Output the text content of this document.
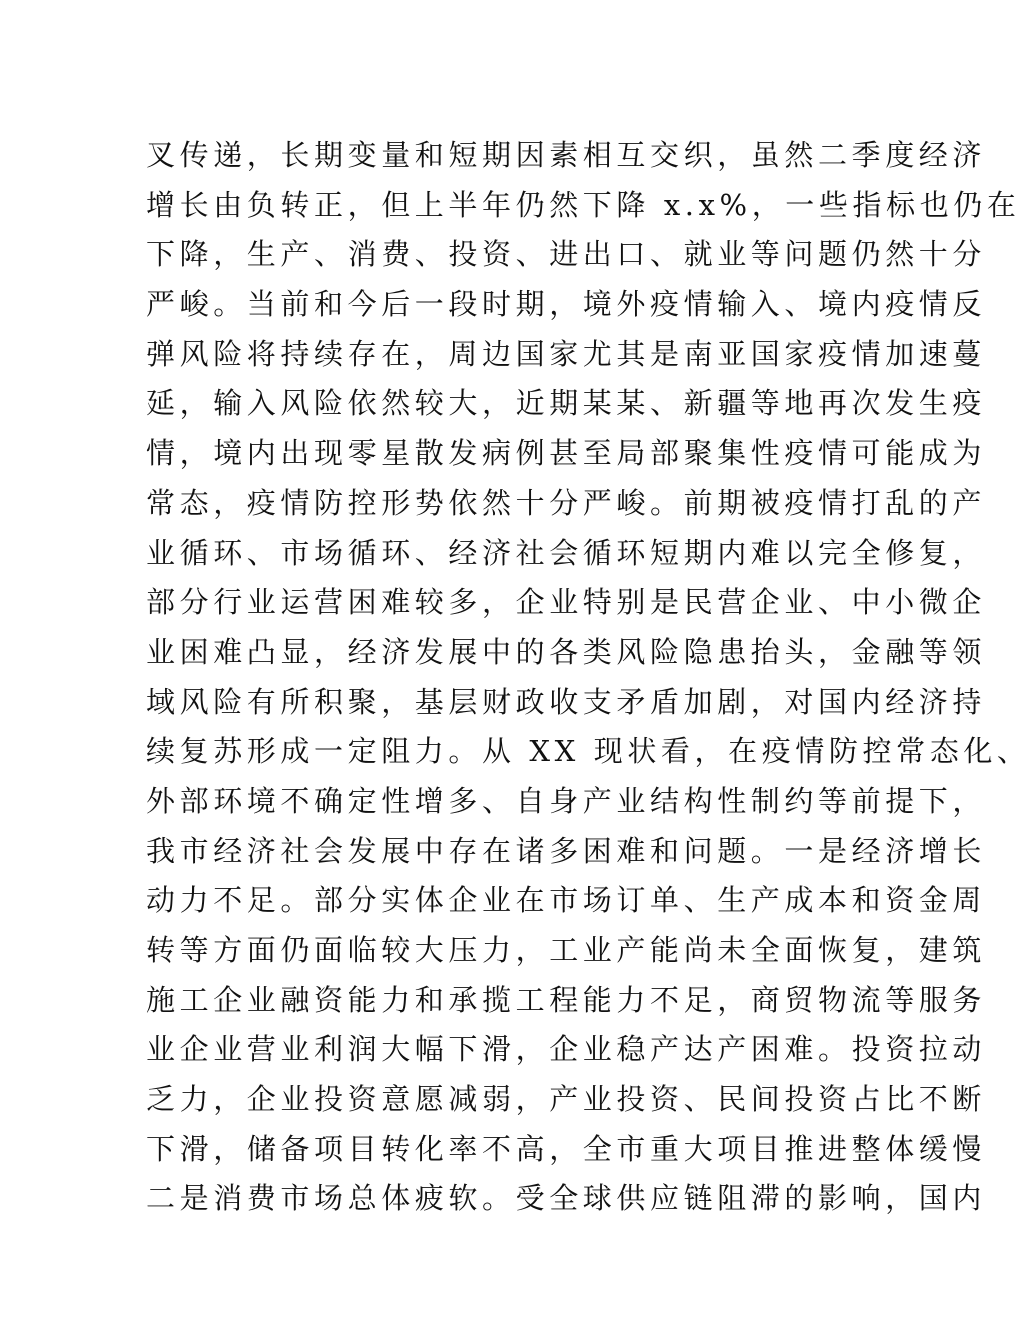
叉传递，长期变量和短期因素相互交织，虽然二季度经济
增长由负转正，但上半年仍然下降 x.x%，一些指标也仍在
下降，生产、消费、投资、进出口、就业等问题仍然十分
严峻。当前和今后一段时期，境外疫情输入、境内疫情反
弹风险将持续存在，周边国家尤其是南亚国家疫情加速蔓
延，输入风险依然较大，近期某某、新疆等地再次发生疫
情，境内出现零星散发病例甚至局部聚集性疫情可能成为
常态，疫情防控形势依然十分严峻。前期被疫情打乱的产
业循环、市场循环、经济社会循环短期内难以完全修复，
部分行业运营困难较多，企业特别是民营企业、中小微企
业困难凸显，经济发展中的各类风险隐患抬头，金融等领
域风险有所积聚，基层财政收支矛盾加剧，对国内经济持
续复苏形成一定阻力。从 XX 现状看，在疫情防控常态化、
外部环境不确定性增多、自身产业结构性制约等前提下，
我市经济社会发展中存在诸多困难和问题。一是经济增长
动力不足。部分实体企业在市场订单、生产成本和资金周
转等方面仍面临较大压力，工业产能尚未全面恢复，建筑
施工企业融资能力和承揽工程能力不足，商贸物流等服务
业企业营业利润大幅下滑，企业稳产达产困难。投资拉动
乏力，企业投资意愿减弱，产业投资、民间投资占比不断
下滑，储备项目转化率不高，全市重大项目推进整体缓慢
二是消费市场总体疲软。受全球供应链阻滞的影响，国内
